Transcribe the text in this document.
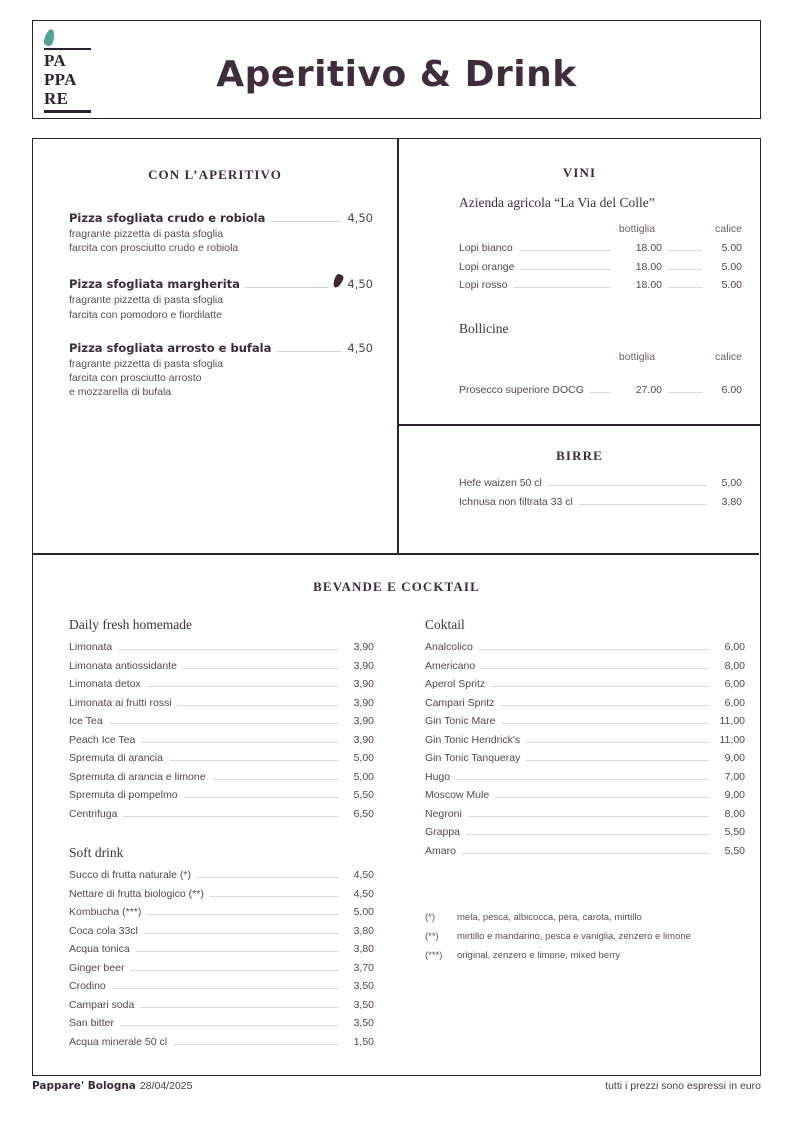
PA
PPA
RE
Aperitivo & Drink
CON L’APERITIVO
Pizza sfogliata crudo e robiola	4,50
fragrante pizzetta di pasta sfoglia
farcita con prosciutto crudo e robiola
Pizza sfogliata margherita	4,50
fragrante pizzetta di pasta sfoglia
farcita con pomodoro e fiordilatte
Pizza sfogliata arrosto e bufala	4,50
fragrante pizzetta di pasta sfoglia
farcita con prosciutto arrosto
e mozzarella di bufala
VINI
Azienda agricola “La Via del Colle”
bottiglia	calice
Lopi bianco	18.00	5.00
Lopi orange	18.00	5.00
Lopi rosso	18.00	5.00
Bollicine
bottiglia	calice
Prosecco superiore DOCG	27.00	6.00
BIRRE
Hefe waizen 50 cl	5,00
Ichnusa non filtrata 33 cl	3,80
BEVANDE E COCKTAIL
Daily fresh homemade
Limonata	3,90
Limonata antiossidante	3,90
Limonata detox	3,90
Limonata ai frutti rossi	3,90
Ice Tea	3,90
Peach Ice Tea	3,90
Spremuta di arancia	5,00
Spremuta di arancia e limone	5,00
Spremuta di pompelmo	5,50
Centrifuga	6,50
Soft drink
Succo di frutta naturale (*)	4,50
Nettare di frutta biologico (**)	4,50
Kombucha (***)	5,00
Coca cola 33cl	3,80
Acqua tonica	3,80
Ginger beer	3,70
Crodino	3,50
Campari soda	3,50
San bitter	3,50
Acqua minerale 50 cl	1,50
Coktail
Analcolico	6,00
Americano	8,00
Aperol Spritz	6,00
Campari Spritz	6,00
Gin Tonic Mare	11,00
Gin Tonic Hendrick's	11,00
Gin Tonic Tanqueray	9,00
Hugo	7,00
Moscow Mule	9,00
Negroni	8,00
Grappa	5,50
Amaro	5,50
(*)	mela, pesca, albicocca, pera, carota, mirtillo
(**)	mirtillo e mandarino, pesca e vaniglia, zenzero e limone
(***)	original, zenzero e limone, mixed berry
Pappare' Bologna 28/04/2025	tutti i prezzi sono espressi in euro
